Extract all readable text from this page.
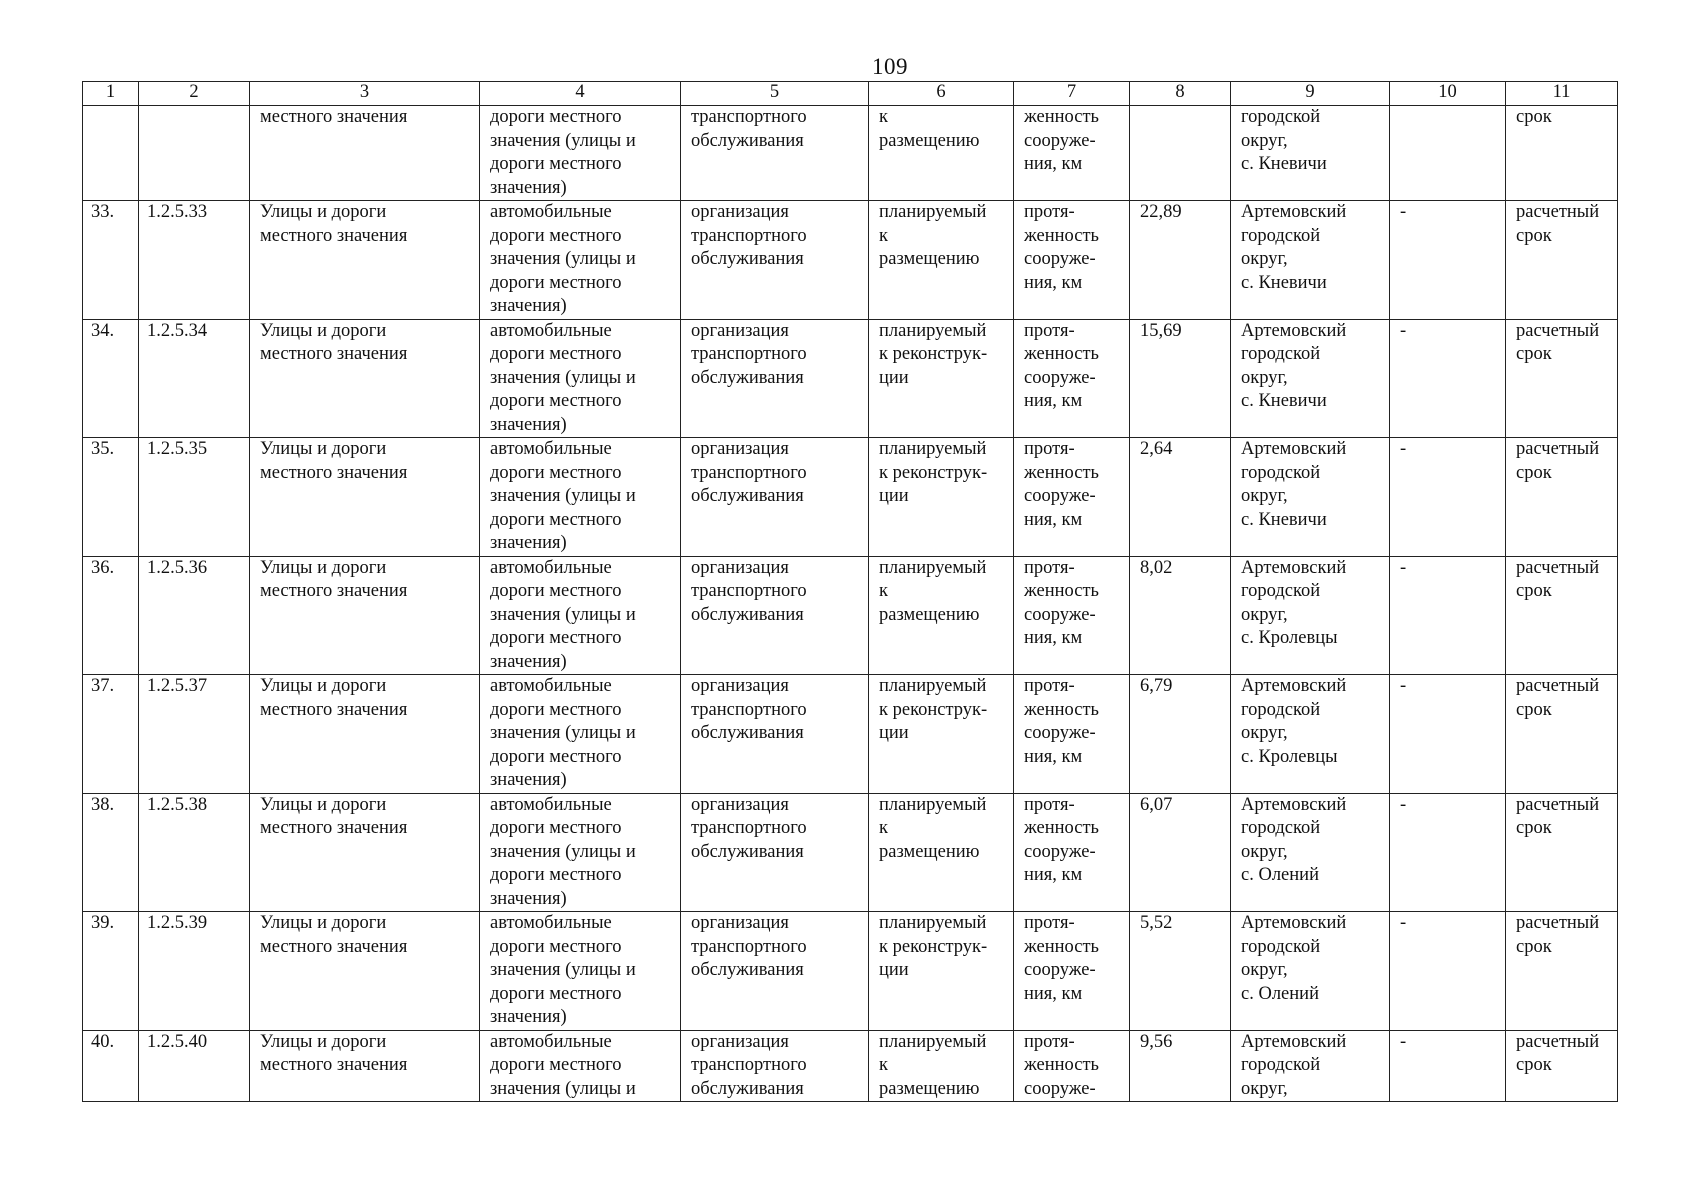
109
1	2	3	4	5	6	7	8	9	10	11

		местного значения	дороги местного
значения (улицы и
дороги местного
значения)	транспортного
обслуживания	к
размещению	женность
сооруже-
ния, км		городской
округ,
с. Кневичи		срок

33.	1.2.5.33	Улицы и дороги
местного значения	автомобильные
дороги местного
значения (улицы и
дороги местного
значения)	организация
транспортного
обслуживания	планируемый
к
размещению	протя-
женность
сооруже-
ния, км	22,89	Артемовский
городской
округ,
с. Кневичи	-	расчетный
срок

34.	1.2.5.34	Улицы и дороги
местного значения	автомобильные
дороги местного
значения (улицы и
дороги местного
значения)	организация
транспортного
обслуживания	планируемый
к реконструк-
ции	протя-
женность
сооруже-
ния, км	15,69	Артемовский
городской
округ,
с. Кневичи	-	расчетный
срок

35.	1.2.5.35	Улицы и дороги
местного значения	автомобильные
дороги местного
значения (улицы и
дороги местного
значения)	организация
транспортного
обслуживания	планируемый
к реконструк-
ции	протя-
женность
сооруже-
ния, км	2,64	Артемовский
городской
округ,
с. Кневичи	-	расчетный
срок

36.	1.2.5.36	Улицы и дороги
местного значения	автомобильные
дороги местного
значения (улицы и
дороги местного
значения)	организация
транспортного
обслуживания	планируемый
к
размещению	протя-
женность
сооруже-
ния, км	8,02	Артемовский
городской
округ,
с. Кролевцы	-	расчетный
срок

37.	1.2.5.37	Улицы и дороги
местного значения	автомобильные
дороги местного
значения (улицы и
дороги местного
значения)	организация
транспортного
обслуживания	планируемый
к реконструк-
ции	протя-
женность
сооруже-
ния, км	6,79	Артемовский
городской
округ,
с. Кролевцы	-	расчетный
срок

38.	1.2.5.38	Улицы и дороги
местного значения	автомобильные
дороги местного
значения (улицы и
дороги местного
значения)	организация
транспортного
обслуживания	планируемый
к
размещению	протя-
женность
сооруже-
ния, км	6,07	Артемовский
городской
округ,
с. Олений	-	расчетный
срок

39.	1.2.5.39	Улицы и дороги
местного значения	автомобильные
дороги местного
значения (улицы и
дороги местного
значения)	организация
транспортного
обслуживания	планируемый
к реконструк-
ции	протя-
женность
сооруже-
ния, км	5,52	Артемовский
городской
округ,
с. Олений	-	расчетный
срок

40.	1.2.5.40	Улицы и дороги
местного значения	автомобильные
дороги местного
значения (улицы и	организация
транспортного
обслуживания	планируемый
к
размещению	протя-
женность
сооруже-	9,56	Артемовский
городской
округ,	-	расчетный
срок
